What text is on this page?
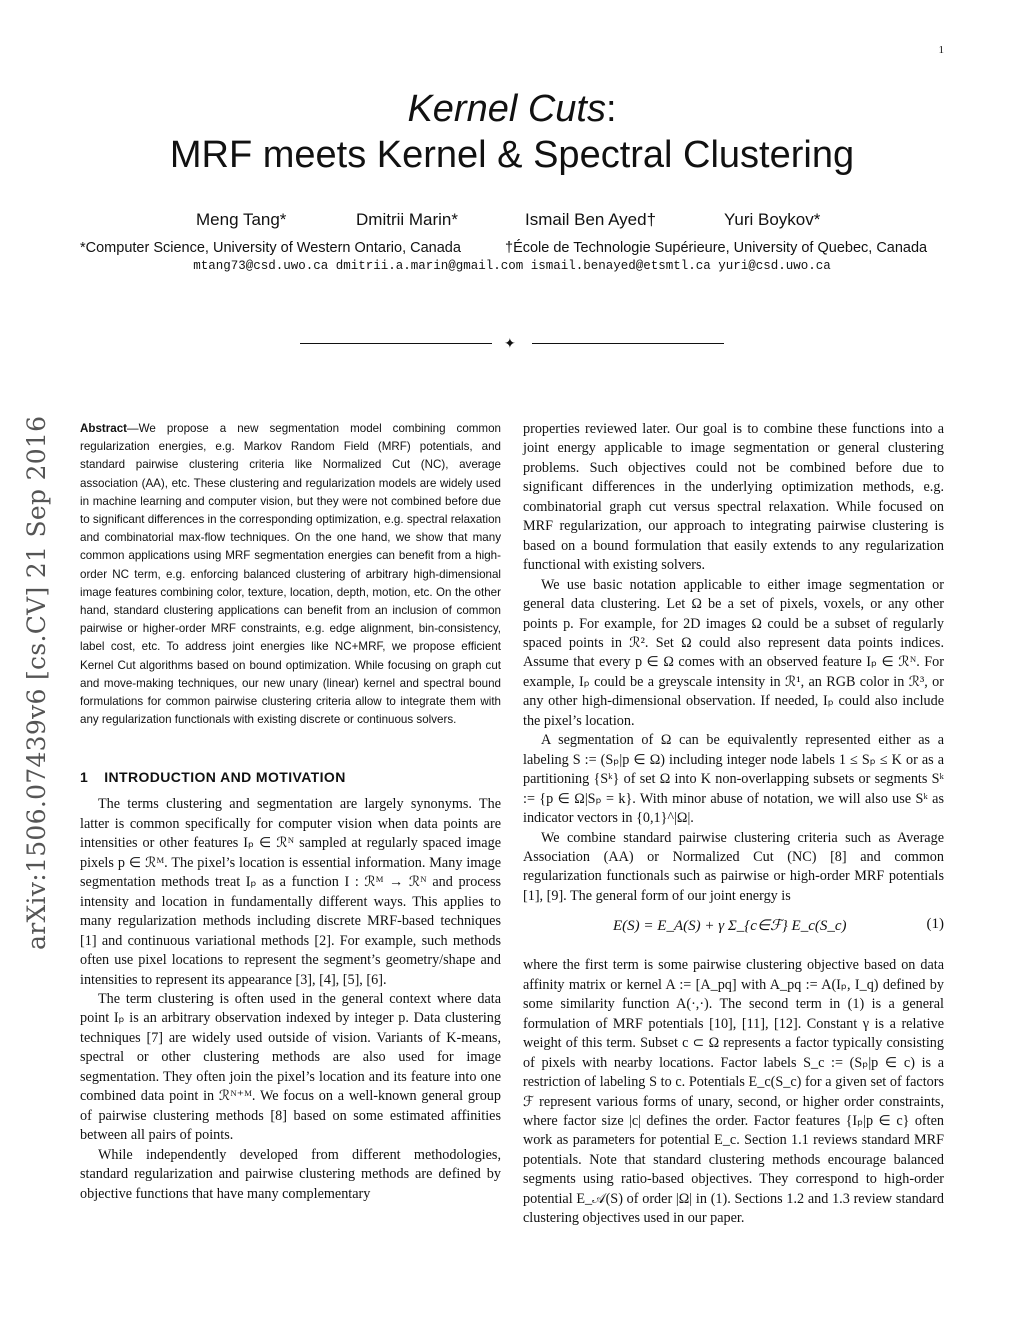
1
arXiv:1506.07439v6 [cs.CV] 21 Sep 2016
Kernel Cuts:
MRF meets Kernel & Spectral Clustering
Meng Tang*	Dmitrii Marin*	Ismail Ben Ayed†	Yuri Boykov*
*Computer Science, University of Western Ontario, Canada	†École de Technologie Supérieure, University of Quebec, Canada
mtang73@csd.uwo.ca dmitrii.a.marin@gmail.com ismail.benayed@etsmtl.ca yuri@csd.uwo.ca
✦

Abstract—We propose a new segmentation model combining common regularization energies, e.g. Markov Random Field (MRF) potentials, and standard pairwise clustering criteria like Normalized Cut (NC), average association (AA), etc. These clustering and regularization models are widely used in machine learning and computer vision, but they were not combined before due to significant differences in the corresponding optimization, e.g. spectral relaxation and combinatorial max-flow techniques. On the one hand, we show that many common applications using MRF segmentation energies can benefit from a high-order NC term, e.g. enforcing balanced clustering of arbitrary high-dimensional image features combining color, texture, location, depth, motion, etc. On the other hand, standard clustering applications can benefit from an inclusion of common pairwise or higher-order MRF constraints, e.g. edge alignment, bin-consistency, label cost, etc. To address joint energies like NC+MRF, we propose efficient Kernel Cut algorithms based on bound optimization. While focusing on graph cut and move-making techniques, our new unary (linear) kernel and spectral bound formulations for common pairwise clustering criteria allow to integrate them with any regularization functionals with existing discrete or continuous solvers.

1 INTRODUCTION AND MOTIVATION

The terms clustering and segmentation are largely synonyms. The latter is common specifically for computer vision when data points are intensities or other features Iₚ ∈ ℛᴺ sampled at regularly spaced image pixels p ∈ ℛᴹ. The pixel’s location is essential information. Many image segmentation methods treat Iₚ as a function I : ℛᴹ → ℛᴺ and process intensity and location in fundamentally different ways. This applies to many regularization methods including discrete MRF-based techniques [1] and continuous variational methods [2]. For example, such methods often use pixel locations to represent the segment’s geometry/shape and intensities to represent its appearance [3], [4], [5], [6].

The term clustering is often used in the general context where data point Iₚ is an arbitrary observation indexed by integer p. Data clustering techniques [7] are widely used outside of vision. Variants of K-means, spectral or other clustering methods are also used for image segmentation. They often join the pixel’s location and its feature into one combined data point in ℛᴺ⁺ᴹ. We focus on a well-known general group of pairwise clustering methods [8] based on some estimated affinities between all pairs of points.

While independently developed from different methodologies, standard regularization and pairwise clustering methods are defined by objective functions that have many complementary

properties reviewed later. Our goal is to combine these functions into a joint energy applicable to image segmentation or general clustering problems. Such objectives could not be combined before due to significant differences in the underlying optimization methods, e.g. combinatorial graph cut versus spectral relaxation. While focused on MRF regularization, our approach to integrating pairwise clustering is based on a bound formulation that easily extends to any regularization functional with existing solvers.

We use basic notation applicable to either image segmentation or general data clustering. Let Ω be a set of pixels, voxels, or any other points p. For example, for 2D images Ω could be a subset of regularly spaced points in ℛ². Set Ω could also represent data points indices. Assume that every p ∈ Ω comes with an observed feature Iₚ ∈ ℛᴺ. For example, Iₚ could be a greyscale intensity in ℛ¹, an RGB color in ℛ³, or any other high-dimensional observation. If needed, Iₚ could also include the pixel’s location.

A segmentation of Ω can be equivalently represented either as a labeling S := (Sₚ|p ∈ Ω) including integer node labels 1 ≤ Sₚ ≤ K or as a partitioning {Sᵏ} of set Ω into K non-overlapping subsets or segments Sᵏ := {p ∈ Ω|Sₚ = k}. With minor abuse of notation, we will also use Sᵏ as indicator vectors in {0,1}^|Ω|.

We combine standard pairwise clustering criteria such as Average Association (AA) or Normalized Cut (NC) [8] and common regularization functionals such as pairwise or high-order MRF potentials [1], [9]. The general form of our joint energy is

E(S) = E_A(S) + γ Σ_{c∈ℱ} E_c(S_c)	(1)

where the first term is some pairwise clustering objective based on data affinity matrix or kernel A := [A_pq] with A_pq := A(Iₚ, I_q) defined by some similarity function A(·,·). The second term in (1) is a general formulation of MRF potentials [10], [11], [12]. Constant γ is a relative weight of this term. Subset c ⊂ Ω represents a factor typically consisting of pixels with nearby locations. Factor labels S_c := (Sₚ|p ∈ c) is a restriction of labeling S to c. Potentials E_c(S_c) for a given set of factors ℱ represent various forms of unary, second, or higher order constraints, where factor size |c| defines the order. Factor features {Iₚ|p ∈ c} often work as parameters for potential E_c. Section 1.1 reviews standard MRF potentials. Note that standard clustering methods encourage balanced segments using ratio-based objectives. They correspond to high-order potential E_𝒜(S) of order |Ω| in (1). Sections 1.2 and 1.3 review standard clustering objectives used in our paper.
